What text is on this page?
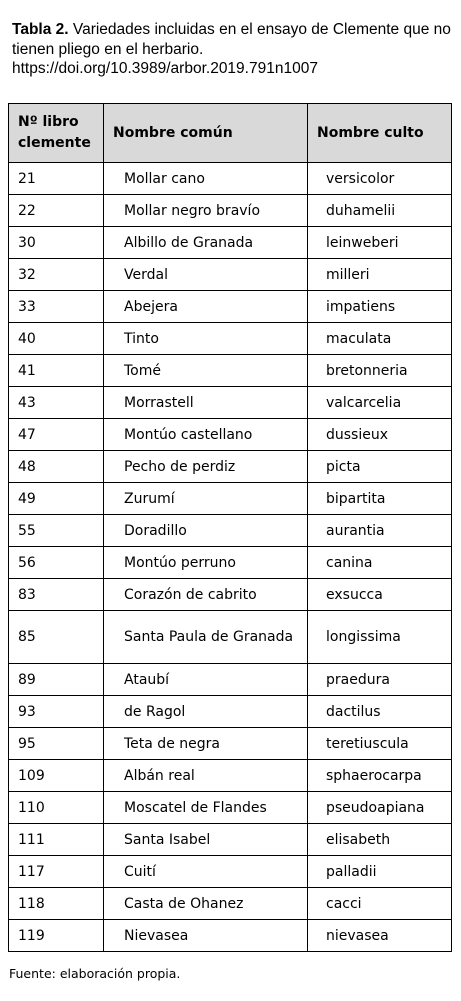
Tabla 2. Variedades incluidas en el ensayo de Clemente que no tienen pliego en el herbario.
https://doi.org/10.3989/arbor.2019.791n1007
Nº libro clemente	Nombre común	Nombre culto
21	Mollar cano	versicolor
22	Mollar negro bravío	duhamelii
30	Albillo de Granada	leinweberi
32	Verdal	milleri
33	Abejera	impatiens
40	Tinto	maculata
41	Tomé	bretonneria
43	Morrastell	valcarcelia
47	Montúo castellano	dussieux
48	Pecho de perdiz	picta
49	Zurumí	bipartita
55	Doradillo	aurantia
56	Montúo perruno	canina
83	Corazón de cabrito	exsucca
85	Santa Paula de Granada	longissima
89	Ataubí	praedura
93	de Ragol	dactilus
95	Teta de negra	teretiuscula
109	Albán real	sphaerocarpa
110	Moscatel de Flandes	pseudoapiana
111	Santa Isabel	elisabeth
117	Cuití	palladii
118	Casta de Ohanez	cacci
119	Nievasea	nievasea
Fuente: elaboración propia.
